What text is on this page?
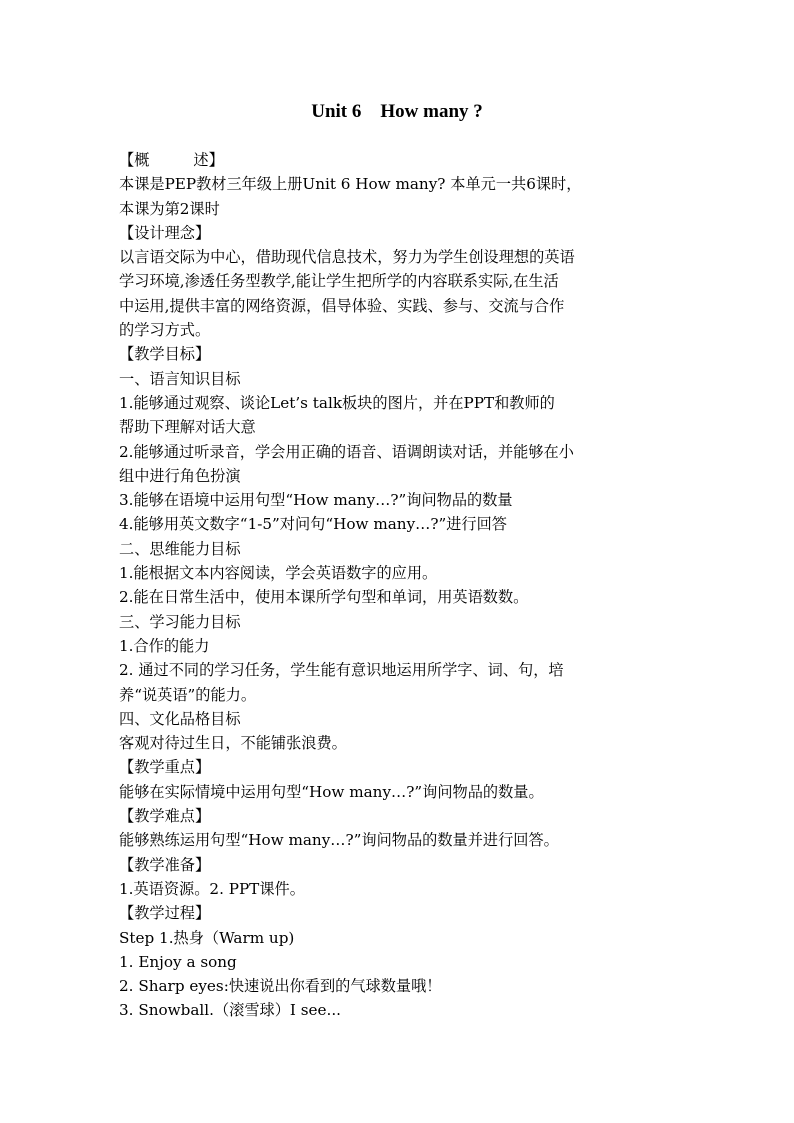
Unit 6    How many ?

【概	述】

本课是PEP教材三年级上册Unit 6 How many? 本单元一共6课时，

本课为第2课时

【设计理念】

以言语交际为中心，借助现代信息技术，努力为学生创设理想的英语

学习环境,渗透任务型教学,能让学生把所学的内容联系实际,在生活

中运用,提供丰富的网络资源，倡导体验、实践、参与、交流与合作

的学习方式。

【教学目标】

一、语言知识目标

1.能够通过观察、谈论Let’s talk板块的图片，并在PPT和教师的

帮助下理解对话大意

2.能够通过听录音，学会用正确的语音、语调朗读对话，并能够在小

组中进行角色扮演

3.能够在语境中运用句型“How many…?”询问物品的数量

4.能够用英文数字“1-5”对问句“How many…?”进行回答

二、思维能力目标

1.能根据文本内容阅读，学会英语数字的应用。

2.能在日常生活中，使用本课所学句型和单词，用英语数数。

三、学习能力目标

1.合作的能力

2. 通过不同的学习任务，学生能有意识地运用所学字、词、句，培

养“说英语”的能力。

四、文化品格目标

客观对待过生日，不能铺张浪费。

【教学重点】

能够在实际情境中运用句型“How many…?”询问物品的数量。

【教学难点】

能够熟练运用句型“How many…?”询问物品的数量并进行回答。

【教学准备】

1.英语资源。2. PPT课件。

【教学过程】

Step 1.热身（Warm up)

1. Enjoy a song

2. Sharp eyes:快速说出你看到的气球数量哦！

3. Snowball.（滚雪球）I see...
